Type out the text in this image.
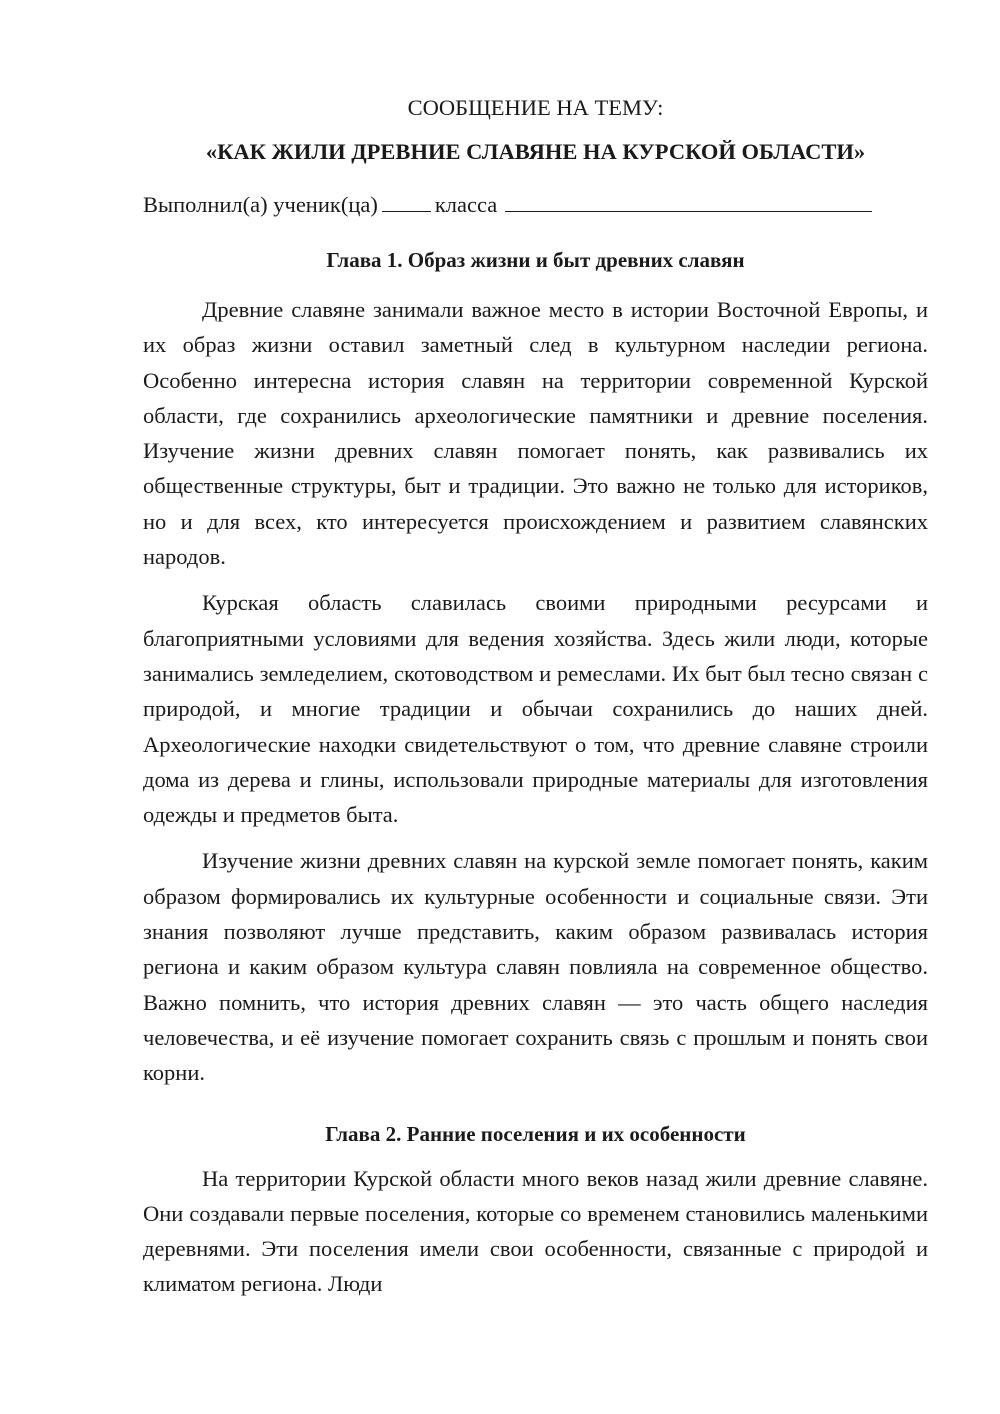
СООБЩЕНИЕ НА ТЕМУ:

«КАК ЖИЛИ ДРЕВНИЕ СЛАВЯНЕ НА КУРСКОЙ ОБЛАСТИ»

Выполнил(а) ученик(ца)	класса
Глава 1. Образ жизни и быт древних славян

Древние славяне занимали важное место в истории Восточной Европы, и их образ жизни оставил заметный след в культурном наследии региона. Особенно интересна история славян на территории современной Курской области, где сохранились археологические памятники и древние поселения. Изучение жизни древних славян помогает понять, как развивались их общественные структуры, быт и традиции. Это важно не только для историков, но и для всех, кто интересуется происхождением и развитием славянских народов.

Курская область славилась своими природными ресурсами и благоприятными условиями для ведения хозяйства. Здесь жили люди, которые занимались земледелием, скотоводством и ремеслами. Их быт был тесно связан с природой, и многие традиции и обычаи сохранились до наших дней. Археологические находки свидетельствуют о том, что древние славяне строили дома из дерева и глины, использовали природные материалы для изготовления одежды и предметов быта.

Изучение жизни древних славян на курской земле помогает понять, каким образом формировались их культурные особенности и социальные связи. Эти знания позволяют лучше представить, каким образом развивалась история региона и каким образом культура славян повлияла на современное общество. Важно помнить, что история древних славян — это часть общего наследия человечества, и её изучение помогает сохранить связь с прошлым и понять свои корни.

Глава 2. Ранние поселения и их особенности

На территории Курской области много веков назад жили древние славяне. Они создавали первые поселения, которые со временем становились маленькими деревнями. Эти поселения имели свои особенности, связанные с природой и климатом региона. Люди
